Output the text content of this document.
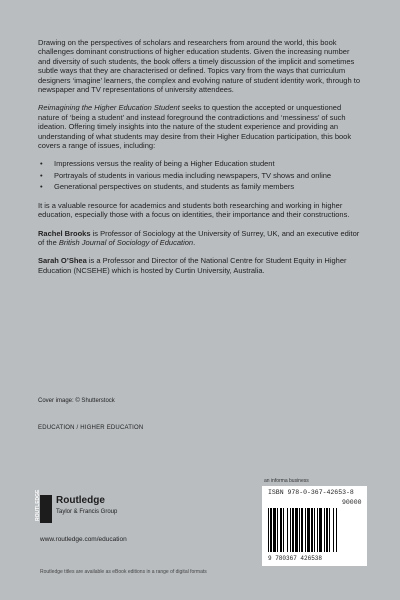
Drawing on the perspectives of scholars and researchers from around the world, this book challenges dominant constructions of higher education students. Given the increasing number and diversity of such students, the book offers a timely discussion of the implicit and sometimes subtle ways that they are characterised or defined. Topics vary from the ways that curriculum designers ‘imagine’ learners, the complex and evolving nature of student identity work, through to newspaper and TV representations of university attendees.

Reimagining the Higher Education Student seeks to question the accepted or unquestioned nature of ‘being a student’ and instead foreground the contradictions and ‘messiness’ of such ideation. Offering timely insights into the nature of the student experience and providing an understanding of what students may desire from their Higher Education participation, this book covers a range of issues, including:

• Impressions versus the reality of being a Higher Education student
• Portrayals of students in various media including newspapers, TV shows and online
• Generational perspectives on students, and students as family members

It is a valuable resource for academics and students both researching and working in higher education, especially those with a focus on identities, their importance and their constructions.

Rachel Brooks is Professor of Sociology at the University of Surrey, UK, and an executive editor of the British Journal of Sociology of Education.

Sarah O’Shea is a Professor and Director of the National Centre for Student Equity in Higher Education (NCSEHE) which is hosted by Curtin University, Australia.

Cover image: © Shutterstock
EDUCATION / HIGHER EDUCATION
ROUTLEDGE Routledge
Taylor & Francis Group
www.routledge.com/education
Routledge titles are available as eBook editions in a range of digital formats
an informa business
ISBN 978-0-367-42653-8
90000
9 780367 426538
